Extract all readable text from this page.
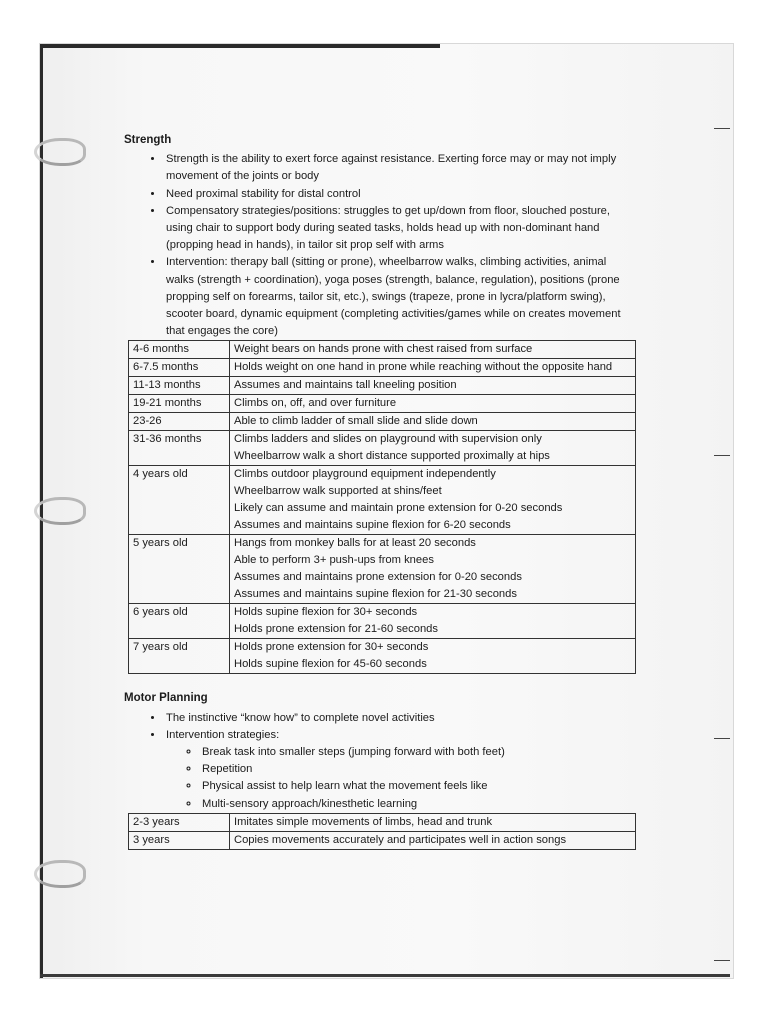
Strength
• Strength is the ability to exert force against resistance. Exerting force may or may not imply movement of the joints or body
• Need proximal stability for distal control
• Compensatory strategies/positions: struggles to get up/down from floor, slouched posture, using chair to support body during seated tasks, holds head up with non-dominant hand (propping head in hands), in tailor sit prop self with arms
• Intervention: therapy ball (sitting or prone), wheelbarrow walks, climbing activities, animal walks (strength + coordination), yoga poses (strength, balance, regulation), positions (prone propping self on forearms, tailor sit, etc.), swings (trapeze, prone in lycra/platform swing), scooter board, dynamic equipment (completing activities/games while on creates movement that engages the core)
4-6 months	Weight bears on hands prone with chest raised from surface

6-7.5 months	Holds weight on one hand in prone while reaching without the opposite hand

11-13 months	Assumes and maintains tall kneeling position

19-21 months	Climbs on, off, and over furniture

23-26	Able to climb ladder of small slide and slide down

31-36 months	Climbs ladders and slides on playground with supervision only
Wheelbarrow walk a short distance supported proximally at hips

4 years old	Climbs outdoor playground equipment independently
Wheelbarrow walk supported at shins/feet
Likely can assume and maintain prone extension for 0-20 seconds
Assumes and maintains supine flexion for 6-20 seconds

5 years old	Hangs from monkey balls for at least 20 seconds
Able to perform 3+ push-ups from knees
Assumes and maintains prone extension for 0-20 seconds
Assumes and maintains supine flexion for 21-30 seconds

6 years old	Holds supine flexion for 30+ seconds
Holds prone extension for 21-60 seconds

7 years old	Holds prone extension for 30+ seconds
Holds supine flexion for 45-60 seconds
Motor Planning
• The instinctive “know how” to complete novel activities
• Intervention strategies:
◦ Break task into smaller steps (jumping forward with both feet)
◦ Repetition
◦ Physical assist to help learn what the movement feels like
◦ Multi-sensory approach/kinesthetic learning
2-3 years	Imitates simple movements of limbs, head and trunk
3 years	Copies movements accurately and participates well in action songs
